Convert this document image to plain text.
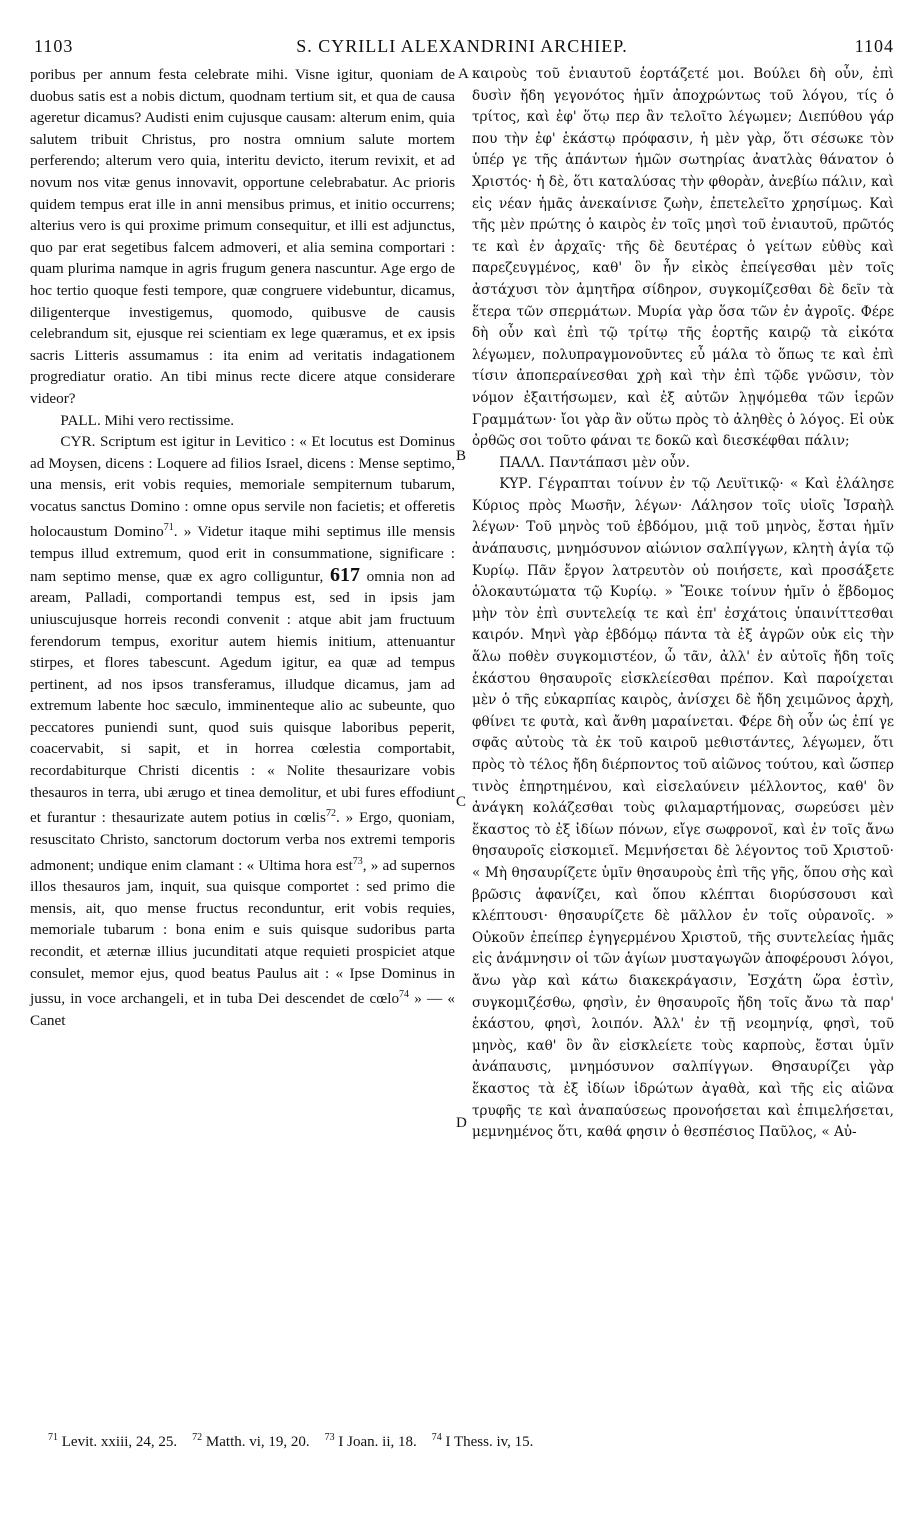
1103	S. CYRILLI ALEXANDRINI ARCHIEP.	1104

poribus per annum festa celebrate mihi. Visne igitur, quoniam de duobus satis est a nobis dictum, quodnam tertium sit, et qua de causa ageretur dicamus? Audisti enim cujusque causam: alterum enim, quia salutem tribuit Christus, pro nostra omnium salute mortem perferendo; alterum vero quia, interitu devicto, iterum revixit, et ad novum nos vitæ genus innovavit, opportune celebrabatur. Ac prioris quidem tempus erat ille in anni mensibus primus, et initio occurrens; alterius vero is qui proxime primum consequitur, et illi est adjunctus, quo par erat segetibus falcem admoveri, et alia semina comportari : quam plurima namque in agris frugum genera nascuntur. Age ergo de hoc tertio quoque festi tempore, quæ congruere videbuntur, dicamus, diligenterque investigemus, quomodo, quibusve de causis celebrandum sit, ejusque rei scientiam ex lege quæramus, et ex ipsis sacris Litteris assumamus : ita enim ad veritatis indagationem progrediatur oratio. An tibi minus recte dicere atque considerare videor?

PALL. Mihi vero rectissime.

CYR. Scriptum est igitur in Levitico : « Et locutus est Dominus ad Moysen, dicens : Loquere ad filios Israel, dicens : Mense septimo, una mensis, erit vobis requies, memoriale sempiternum tubarum, vocatus sanctus Domino : omne opus servile non facietis; et offeretis holocaustum Domino$^{71}$. » Videtur itaque mihi septimus ille mensis tempus illud extremum, quod erit in consummatione, significare : nam septimo mense, quæ ex agro colliguntur, 617 omnia non ad aream, Palladi, comportandi tempus est, sed in ipsis jam uniuscujusque horreis recondi convenit : atque abit jam fructuum ferendorum tempus, exoritur autem hiemis initium, attenuantur stirpes, et flores tabescunt. Agedum igitur, ea quæ ad tempus pertinent, ad nos ipsos transferamus, illudque dicamus, jam ad extremum labente hoc sæculo, imminenteque alio ac subeunte, quo peccatores puniendi sunt, quod suis quisque laboribus peperit, coacervabit, si sapit, et in horrea cœlestia comportabit, recordabiturque Christi dicentis : « Nolite thesaurizare vobis thesauros in terra, ubi ærugo et tinea demolitur, et ubi fures effodiunt et furantur : thesaurizate autem potius in cœlis$^{72}$. » Ergo, quoniam, resuscitato Christo, sanctorum doctorum verba nos extremi temporis admonent; undique enim clamant : « Ultima hora est$^{73}$, » ad supernos illos thesauros jam, inquit, sua quisque comportet : sed primo die mensis, ait, quo mense fructus reconduntur, erit vobis requies, memoriale tubarum : bona enim e suis quisque sudoribus parta recondit, et æternæ illius jucunditati atque requieti prospiciet atque consulet, memor ejus, quod beatus Paulus ait : « Ipse Dominus in jussu, in voce archangeli, et in tuba Dei descendet de cœlo$^{74}$ » — « Canet

A
B
C
D

καιροὺς τοῦ ἐνιαυτοῦ ἑορτάζετέ μοι. Βούλει δὴ οὖν, ἐπὶ δυσὶν ἤδη γεγονότος ἡμῖν ἀποχρώντως τοῦ λόγου, τίς ὁ τρίτος, καὶ ἐφ' ὅτῳ περ ἂν τελοῖτο λέγωμεν; Διεπύθου γάρ που τὴν ἐφ' ἑκάστῳ πρόφασιν, ἡ μὲν γὰρ, ὅτι σέσωκε τὸν ὑπέρ γε τῆς ἁπάντων ἡμῶν σωτηρίας ἀνατλὰς θάνατον ὁ Χριστός· ἡ δὲ, ὅτι καταλύσας τὴν φθορὰν, ἀνεβίω πάλιν, καὶ εἰς νέαν ἡμᾶς ἀνεκαίνισε ζωὴν, ἐπετελεῖτο χρησίμως. Καὶ τῆς μὲν πρώτης ὁ καιρὸς ἐν τοῖς μησὶ τοῦ ἐνιαυτοῦ, πρῶτός τε καὶ ἐν ἀρχαῖς· τῆς δὲ δευτέρας ὁ γείτων εὐθὺς καὶ παρεζευγμένος, καθ' ὃν ἦν εἰκὸς ἐπείγεσθαι μὲν τοῖς ἀστάχυσι τὸν ἀμητῆρα σίδηρον, συγκομίζεσθαι δὲ δεῖν τὰ ἕτερα τῶν σπερμάτων. Μυρία γὰρ ὅσα τῶν ἐν ἀγροῖς. Φέρε δὴ οὖν καὶ ἐπὶ τῷ τρίτῳ τῆς ἑορτῆς καιρῷ τὰ εἰκότα λέγωμεν, πολυπραγμονοῦντες εὖ μάλα τὸ ὅπως τε καὶ ἐπὶ τίσιν ἀποπεραίνεσθαι χρὴ καὶ τὴν ἐπὶ τῷδε γνῶσιν, τὸν νόμον ἐξαιτήσωμεν, καὶ ἐξ αὐτῶν λῃψόμεθα τῶν ἱερῶν Γραμμάτων· ἴοι γὰρ ἂν οὕτω πρὸς τὸ ἀληθὲς ὁ λόγος. Εἰ οὐκ ὀρθῶς σοι τοῦτο φάναι τε δοκῶ καὶ διεσκέφθαι πάλιν;

ΠΑΛΛ. Παντάπασι μὲν οὖν.

ΚΥΡ. Γέγραπται τοίνυν ἐν τῷ Λευϊτικῷ· « Καὶ ἐλάλησε Κύριος πρὸς Μωσῆν, λέγων· Λάλησον τοῖς υἱοῖς Ἰσραὴλ λέγων· Τοῦ μηνὸς τοῦ ἑβδόμου, μιᾷ τοῦ μηνὸς, ἔσται ἡμῖν ἀνάπαυσις, μνημόσυνον αἰώνιον σαλπίγγων, κλητὴ ἁγία τῷ Κυρίῳ. Πᾶν ἔργον λατρευτὸν οὐ ποιήσετε, καὶ προσάξετε ὁλοκαυτώματα τῷ Κυρίῳ. » Ἔοικε τοίνυν ἡμῖν ὁ ἕβδομος μὴν τὸν ἐπὶ συντελείᾳ τε καὶ ἐπ' ἐσχάτοις ὑπαινίττεσθαι καιρόν. Μηνὶ γὰρ ἑβδόμῳ πάντα τὰ ἐξ ἀγρῶν οὐκ εἰς τὴν ἅλω ποθὲν συγκομιστέον, ὦ τᾶν, ἀλλ' ἐν αὐτοῖς ἤδη τοῖς ἑκάστου θησαυροῖς εἰσκλείεσθαι πρέπον. Καὶ παροίχεται μὲν ὁ τῆς εὐκαρπίας καιρὸς, ἀνίσχει δὲ ἤδη χειμῶνος ἀρχὴ, φθίνει τε φυτὰ, καὶ ἄνθη μαραίνεται. Φέρε δὴ οὖν ὡς ἐπί γε σφᾶς αὐτοὺς τὰ ἐκ τοῦ καιροῦ μεθιστάντες, λέγωμεν, ὅτι πρὸς τὸ τέλος ἤδη διέρποντος τοῦ αἰῶνος τούτου, καὶ ὥσπερ τινὸς ἐπηρτημένου, καὶ εἰσελαύνειν μέλλοντος, καθ' ὃν ἀνάγκη κολάζεσθαι τοὺς φιλαμαρτήμονας, σωρεύσει μὲν ἕκαστος τὸ ἐξ ἰδίων πόνων, εἴγε σωφρονοῖ, καὶ ἐν τοῖς ἄνω θησαυροῖς εἰσκομιεῖ. Μεμνήσεται δὲ λέγοντος τοῦ Χριστοῦ· « Μὴ θησαυρίζετε ὑμῖν θησαυροὺς ἐπὶ τῆς γῆς, ὅπου σὴς καὶ βρῶσις ἀφανίζει, καὶ ὅπου κλέπται διορύσσουσι καὶ κλέπτουσι· θησαυρίζετε δὲ μᾶλλον ἐν τοῖς οὐρανοῖς. » Οὐκοῦν ἐπείπερ ἐγηγερμένου Χριστοῦ, τῆς συντελείας ἡμᾶς εἰς ἀνάμνησιν οἱ τῶν ἁγίων μυσταγωγῶν ἀποφέρουσι λόγοι, ἄνω γὰρ καὶ κάτω διακεκράγασιν, Ἐσχάτη ὥρα ἐστὶν, συγκομιζέσθω, φησὶν, ἐν θησαυροῖς ἤδη τοῖς ἄνω τὰ παρ' ἑκάστου, φησὶ, λοιπόν. Ἀλλ' ἐν τῇ νεομηνίᾳ, φησὶ, τοῦ μηνὸς, καθ' ὃν ἂν εἰσκλείετε τοὺς καρποὺς, ἔσται ὑμῖν ἀνάπαυσις, μνημόσυνον σαλπίγγων. Θησαυρίζει γὰρ ἕκαστος τὰ ἐξ ἰδίων ἱδρώτων ἀγαθὰ, καὶ τῆς εἰς αἰῶνα τρυφῆς τε καὶ ἀναπαύσεως προνοήσεται καὶ ἐπιμελήσεται, μεμνημένος ὅτι, καθά φησιν ὁ θεσπέσιος Παῦλος, « Αὐ-

$^{71}$ Levit. xxiii, 24, 25. $^{72}$ Matth. vi, 19, 20. $^{73}$ I Joan. ii, 18. $^{74}$ I Thess. iv, 15.
